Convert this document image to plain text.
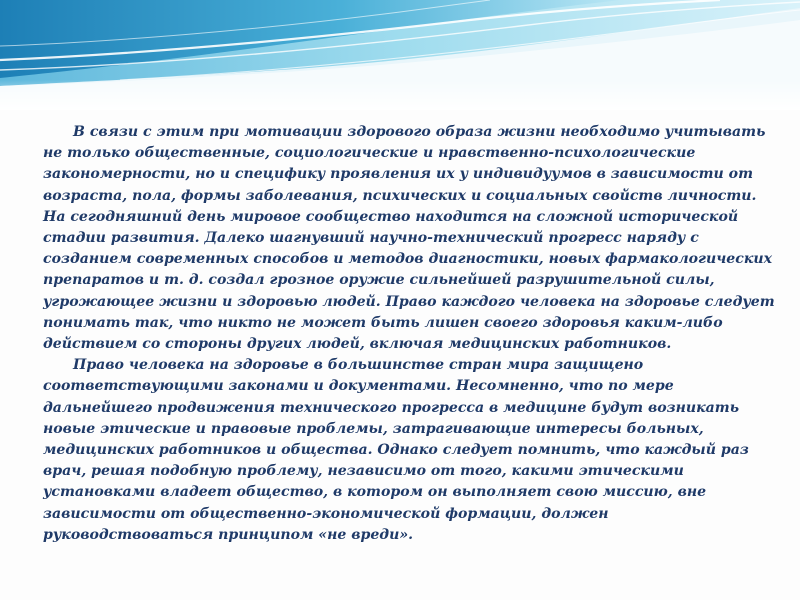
В связи с этим при мотивации здорового образа жизни необходимо учитывать
не только общественные, социологические и нравственно-психологические
закономерности, но и специфику проявления их у индивидуумов в зависимости от
возраста, пола, формы заболевания, психических и социальных свойств личности.
На сегодняшний день мировое сообщество находится на сложной исторической
стадии развития. Далеко шагнувший научно-технический прогресс наряду с
созданием современных способов и методов диагностики, новых фармакологических
препаратов и т. д. создал грозное оружие сильнейшей разрушительной силы,
угрожающее жизни и здоровью людей. Право каждого человека на здоровье следует
понимать так, что никто не может быть лишен своего здоровья каким-либо
действием со стороны других людей, включая медицинских работников.

Право человека на здоровье в большинстве стран мира защищено
соответствующими законами и документами. Несомненно, что по мере
дальнейшего продвижения технического прогресса в медицине будут возникать
новые этические и правовые проблемы, затрагивающие интересы больных,
медицинских работников и общества. Однако следует помнить, что каждый раз
врач, решая подобную проблему, независимо от того, какими этическими
установками владеет общество, в котором он выполняет свою миссию, вне
зависимости от общественно-экономической формации, должен
руководствоваться принципом «не вреди».
